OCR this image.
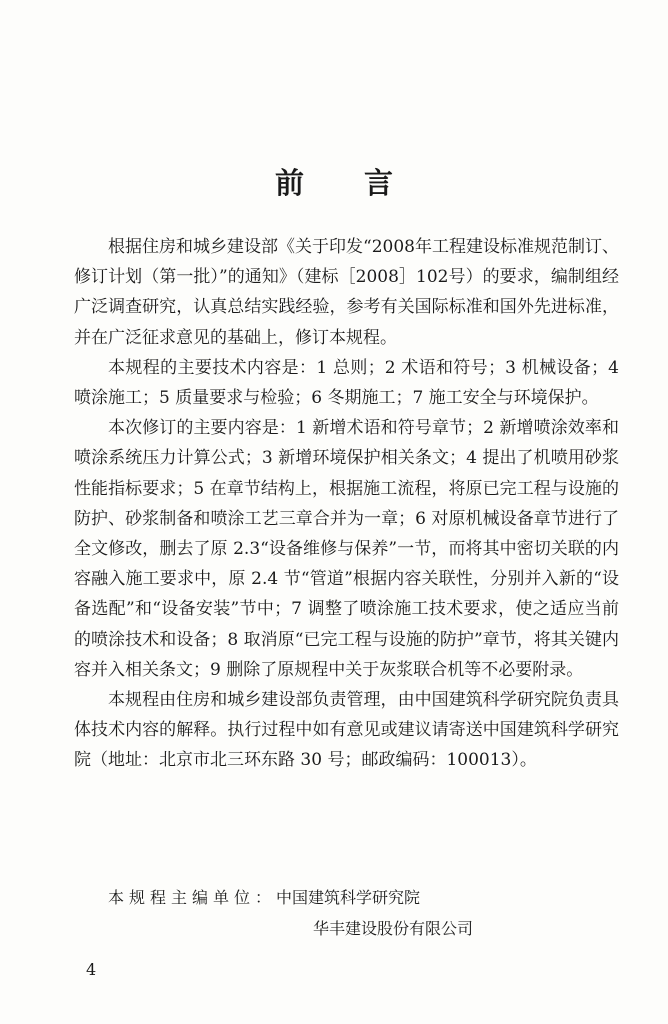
前 言

根据住房和城乡建设部《关于印发“2008年工程建设标准规范制订、修订计划（第一批）”的通知》（建标［2008］102号）的要求，编制组经广泛调查研究，认真总结实践经验，参考有关国际标准和国外先进标准，并在广泛征求意见的基础上，修订本规程。

本规程的主要技术内容是：1 总则；2 术语和符号；3 机械设备；4 喷涂施工；5 质量要求与检验；6 冬期施工；7 施工安全与环境保护。

本次修订的主要内容是：1 新增术语和符号章节；2 新增喷涂效率和喷涂系统压力计算公式；3 新增环境保护相关条文；4 提出了机喷用砂浆性能指标要求；5 在章节结构上，根据施工流程，将原已完工程与设施的防护、砂浆制备和喷涂工艺三章合并为一章；6 对原机械设备章节进行了全文修改，删去了原 2.3“设备维修与保养”一节，而将其中密切关联的内容融入施工要求中，原 2.4 节“管道”根据内容关联性，分别并入新的“设备选配”和“设备安装”节中；7 调整了喷涂施工技术要求，使之适应当前的喷涂技术和设备；8 取消原“已完工程与设施的防护”章节，将其关键内容并入相关条文；9 删除了原规程中关于灰浆联合机等不必要附录。

本规程由住房和城乡建设部负责管理，由中国建筑科学研究院负责具体技术内容的解释。执行过程中如有意见或建议请寄送中国建筑科学研究院（地址：北京市北三环东路 30 号；邮政编码：100013）。

本规程主编单位：中国建筑科学研究院
华丰建设股份有限公司
4
